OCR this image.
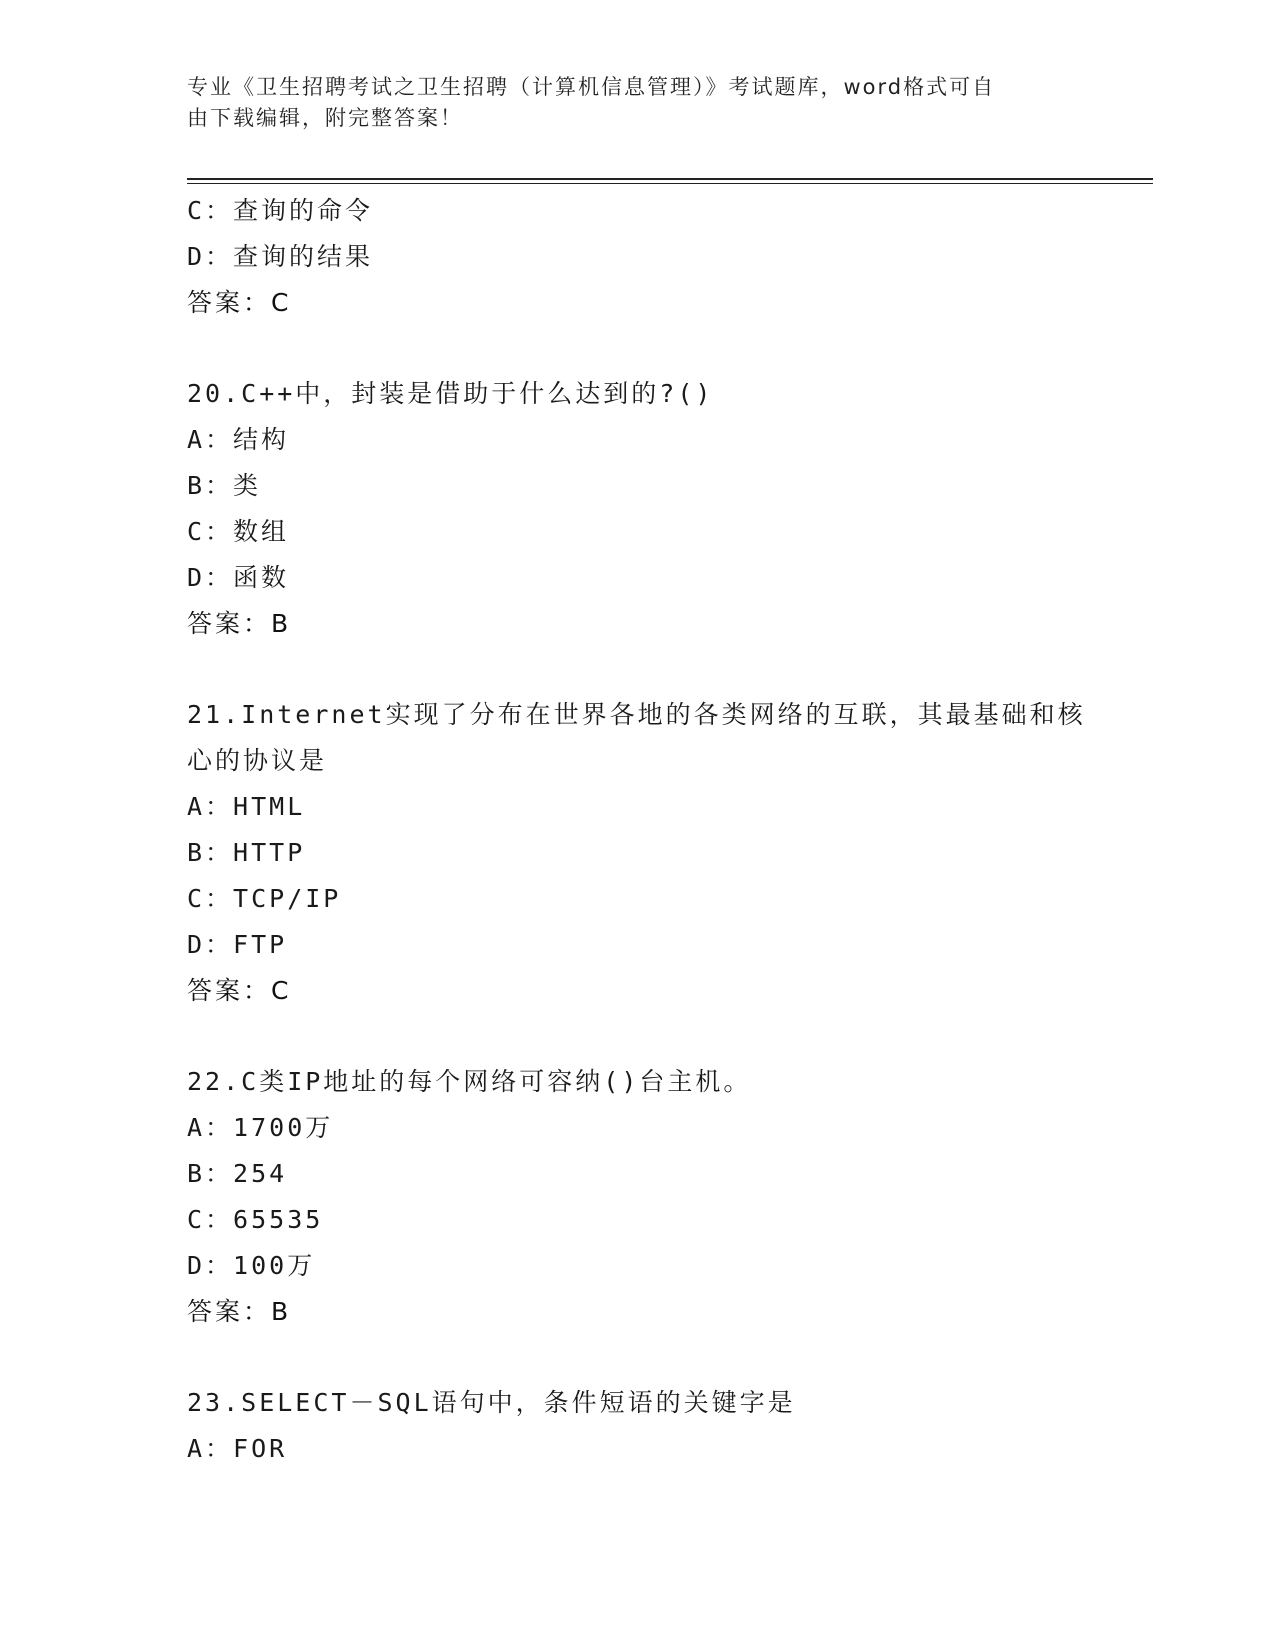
专业《卫生招聘考试之卫生招聘（计算机信息管理）》考试题库，word格式可自
由下载编辑，附完整答案！
C：查询的命令
D：查询的结果
答案：C
20.C++中，封装是借助于什么达到的?()
A：结构
B：类
C：数组
D：函数
答案：B
21.Internet实现了分布在世界各地的各类网络的互联，其最基础和核
心的协议是
A：HTML
B：HTTP
C：TCP/IP
D：FTP
答案：C
22.C类IP地址的每个网络可容纳()台主机。
A：1700万
B：254
C：65535
D：100万
答案：B
23.SELECT－SQL语句中，条件短语的关键字是
A：FOR
